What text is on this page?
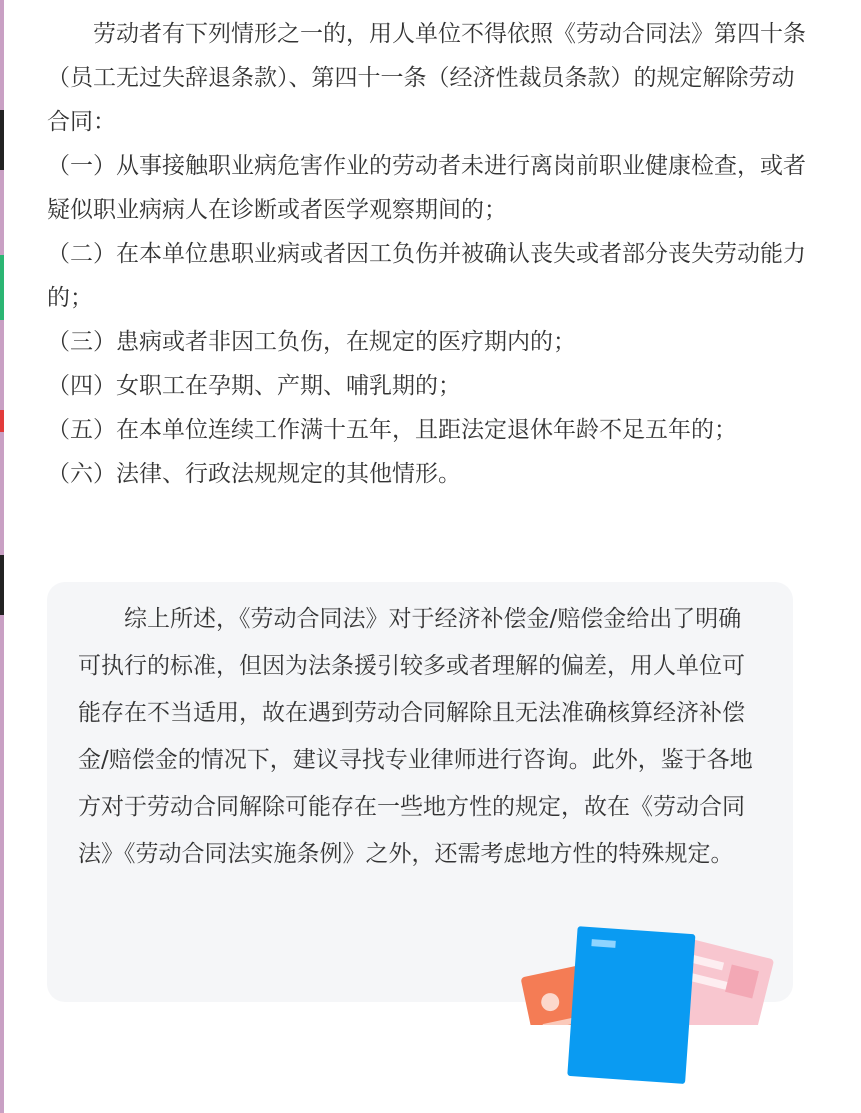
劳动者有下列情形之一的，用人单位不得依照《劳动合同法》第四十条（员工无过失辞退条款）、第四十一条（经济性裁员条款）的规定解除劳动合同：

（一）从事接触职业病危害作业的劳动者未进行离岗前职业健康检查，或者疑似职业病病人在诊断或者医学观察期间的；

（二）在本单位患职业病或者因工负伤并被确认丧失或者部分丧失劳动能力的；

（三）患病或者非因工负伤，在规定的医疗期内的；

（四）女职工在孕期、产期、哺乳期的；

（五）在本单位连续工作满十五年，且距法定退休年龄不足五年的；

（六）法律、行政法规规定的其他情形。

综上所述，《劳动合同法》对于经济补偿金/赔偿金给出了明确可执行的标准，但因为法条援引较多或者理解的偏差，用人单位可能存在不当适用，故在遇到劳动合同解除且无法准确核算经济补偿金/赔偿金的情况下，建议寻找专业律师进行咨询。此外，鉴于各地方对于劳动合同解除可能存在一些地方性的规定，故在《劳动合同法》《劳动合同法实施条例》之外，还需考虑地方性的特殊规定。
